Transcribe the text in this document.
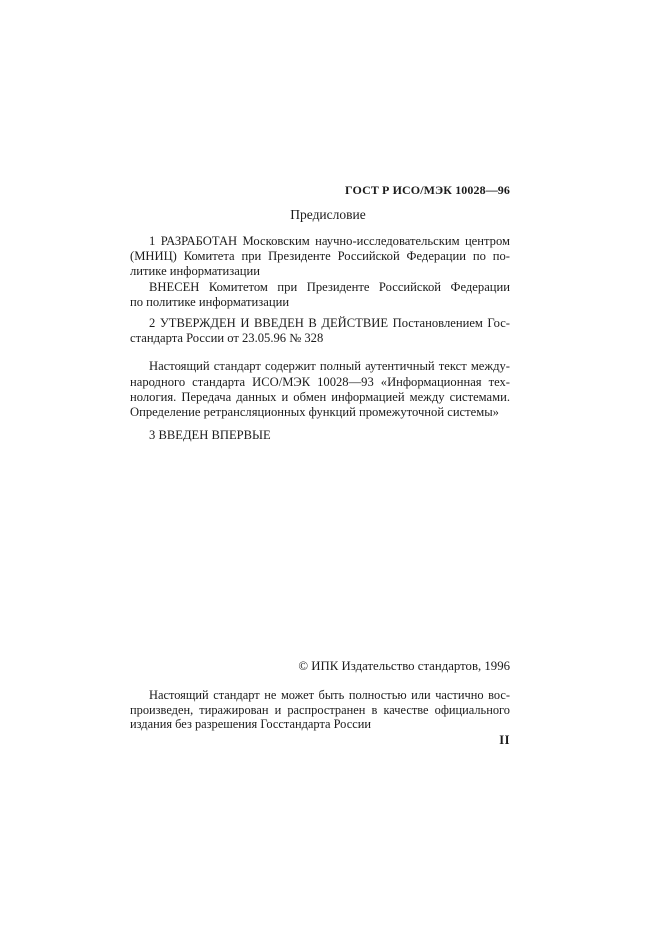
ГОСТ Р ИСО/МЭК 10028—96
Предисловие
1 РАЗРАБОТАН Московским научно-исследовательским центром
(МНИЦ) Комитета при Президенте Российской Федерации по по-
литике информатизации
ВНЕСЕН Комитетом при Президенте Российской Федерации
по политике информатизации
2 УТВЕРЖДЕН И ВВЕДЕН В ДЕЙСТВИЕ Постановлением Гос-
стандарта России от 23.05.96 № 328
Настоящий стандарт содержит полный аутентичный текст между-
народного стандарта ИСО/МЭК 10028—93 «Информационная тех-
нология. Передача данных и обмен информацией между системами.
Определение ретрансляционных функций промежуточной системы»
3 ВВЕДЕН ВПЕРВЫЕ
© ИПК Издательство стандартов, 1996
Настоящий стандарт не может быть полностью или частично вос-
произведен, тиражирован и распространен в качестве официального
издания без разрешения Госстандарта России
II
